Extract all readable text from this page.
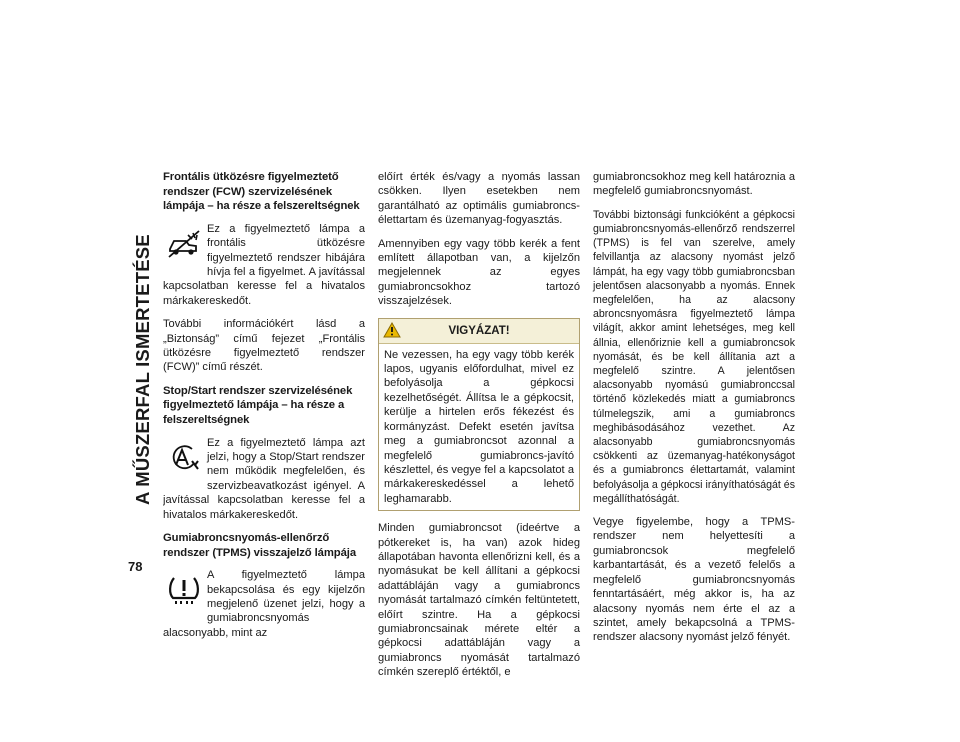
A MŰSZERFAL ISMERTETÉSE
78
Frontális ütközésre figyelmeztető rendszer (FCW) szervizelésének lámpája – ha része a felszereltségnek

Ez a figyelmeztető lámpa a frontális ütközésre figyelmeztető rendszer hibájára hívja fel a figyelmet. A javítással kapcsolatban keresse fel a hivatalos márkakereskedőt.

További információkért lásd a „Biztonság” című fejezet „Frontális ütközésre figyelmeztető rendszer (FCW)” című részét.

Stop/Start rendszer szervizelésének figyelmeztető lámpája – ha része a felszereltségnek

Ez a figyelmeztető lámpa azt jelzi, hogy a Stop/Start rendszer nem működik megfelelően, és szervizbeavatkozást igényel. A javítással kapcsolatban keresse fel a hivatalos márkakereskedőt.

Gumiabroncsnyomás-ellenőrző rendszer (TPMS) visszajelző lámpája

A figyelmeztető lámpa bekapcsolása és egy kijelzőn megjelenő üzenet jelzi, hogy a gumiabroncsnyomás alacsonyabb, mint az

előírt érték és/vagy a nyomás lassan csökken. Ilyen esetekben nem garantálható az optimális gumiabroncs-élettartam és üzemanyag-fogyasztás.

Amennyiben egy vagy több kerék a fent említett állapotban van, a kijelzőn megjelennek az egyes gumiabroncsokhoz tartozó visszajelzések.

VIGYÁZAT!

Ne vezessen, ha egy vagy több kerék lapos, ugyanis előfordulhat, mivel ez befolyásolja a gépkocsi kezelhetőségét. Állítsa le a gépkocsit, kerülje a hirtelen erős fékezést és kormányzást. Defekt esetén javítsa meg a gumiabroncsot azonnal a megfelelő gumiabroncs-javító készlettel, és vegye fel a kapcsolatot a márkakereskedéssel a lehető leghamarabb.

Minden gumiabroncsot (ideértve a pótkereket is, ha van) azok hideg állapotában havonta ellenőrizni kell, és a nyomásukat be kell állítani a gépkocsi adattábláján vagy a gumiabroncs nyomását tartalmazó címkén feltüntetett, előírt szintre. Ha a gépkocsi gumiabroncsainak mérete eltér a gépkocsi adattábláján vagy a gumiabroncs nyomását tartalmazó címkén szereplő értéktől, e

gumiabroncsokhoz meg kell határoznia a megfelelő gumiabroncsnyomást.

További biztonsági funkcióként a gépkocsi gumiabroncsnyomás-ellenőrző rendszerrel (TPMS) is fel van szerelve, amely felvillantja az alacsony nyomást jelző lámpát, ha egy vagy több gumiabroncsban jelentősen alacsonyabb a nyomás. Ennek megfelelően, ha az alacsony abroncsnyomásra figyelmeztető lámpa világít, akkor amint lehetséges, meg kell állnia, ellenőriznie kell a gumiabroncsok nyomását, és be kell állítania azt a megfelelő szintre. A jelentősen alacsonyabb nyomású gumiabronccsal történő közlekedés miatt a gumiabroncs túlmelegszik, ami a gumiabroncs meghibásodásához vezethet. Az alacsonyabb gumiabroncsnyomás csökkenti az üzemanyag-hatékonyságot és a gumiabroncs élettartamát, valamint befolyásolja a gépkocsi irányíthatóságát és megállíthatóságát.

Vegye figyelembe, hogy a TPMS-rendszer nem helyettesíti a gumiabroncsok megfelelő karbantartását, és a vezető felelős a megfelelő gumiabroncsnyomás fenntartásáért, még akkor is, ha az alacsony nyomás nem érte el az a szintet, amely bekapcsolná a TPMS-rendszer alacsony nyomást jelző fényét.
